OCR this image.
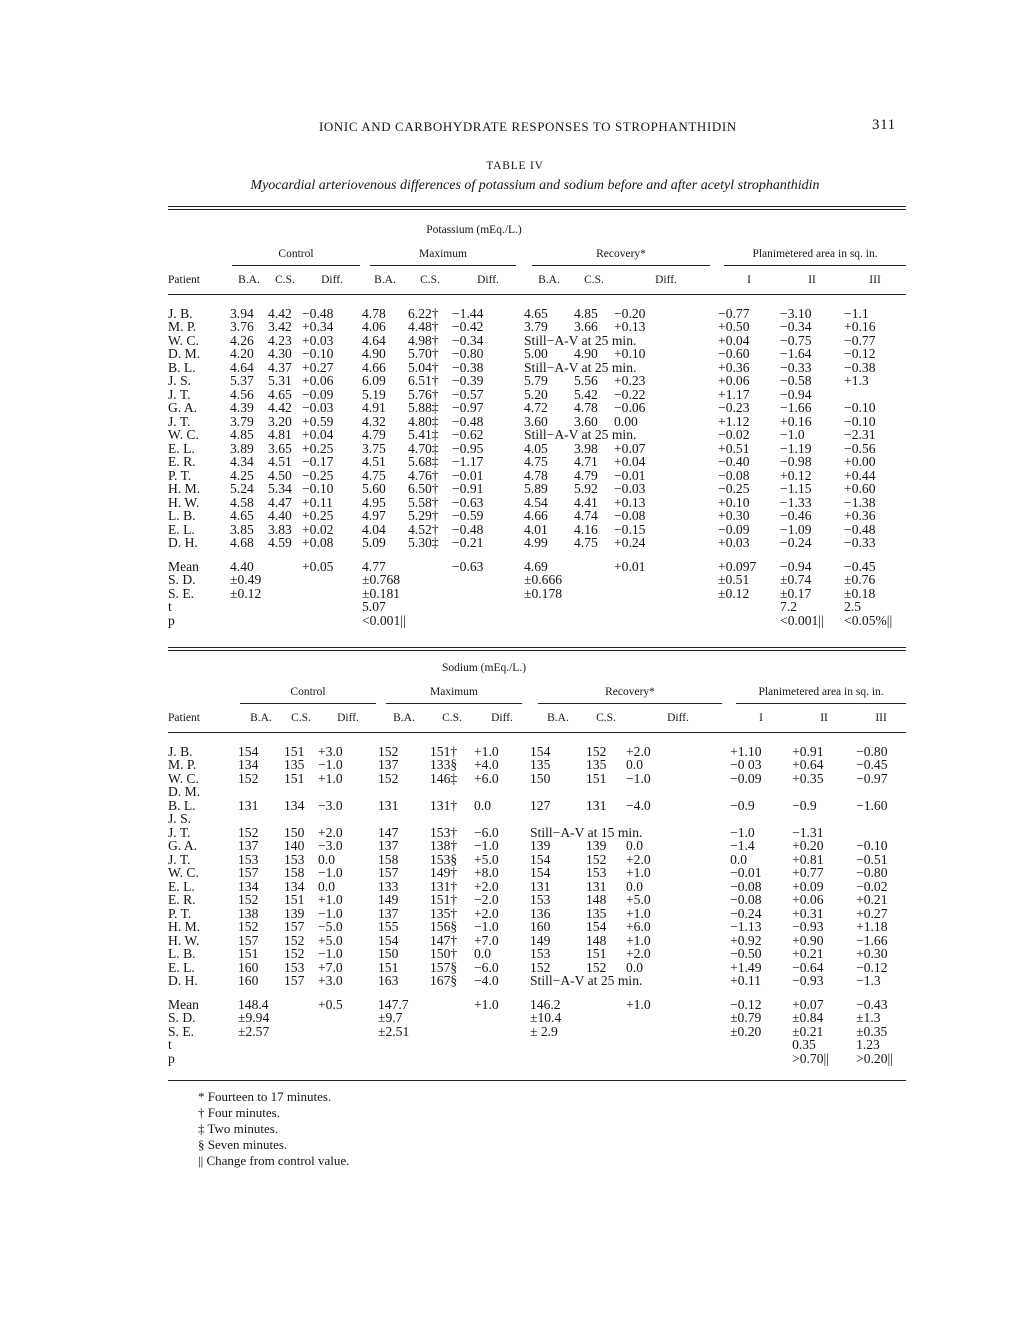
IONIC AND CARBOHYDRATE RESPONSES TO STROPHANTHIDIN	311
TABLE IV
Myocardial arteriovenous differences of potassium and sodium before and after acetyl strophanthidin
	Potassium (mEq./L.)											

	Control			Maximum			Recovery*			Planimetered area in sq. in.		

Patient	B.A.	C.S.	Diff.	B.A.	C.S.	Diff.	B.A.	C.S.	Diff.	I	II	III

J. B.	3.94	4.42	−0.48	4.78	6.22†	−1.44	4.65	4.85	−0.20	−0.77	−3.10	−1.1
M. P.	3.76	3.42	+0.34	4.06	4.48†	−0.42	3.79	3.66	+0.13	+0.50	−0.34	+0.16
W. C.	4.26	4.23	+0.03	4.64	4.98†	−0.34	Still−A-V at 25 min.			+0.04	−0.75	−0.77
D. M.	4.20	4.30	−0.10	4.90	5.70†	−0.80	5.00	4.90	+0.10	−0.60	−1.64	−0.12
B. L.	4.64	4.37	+0.27	4.66	5.04†	−0.38	Still−A-V at 25 min.			+0.36	−0.33	−0.38
J. S.	5.37	5.31	+0.06	6.09	6.51†	−0.39	5.79	5.56	+0.23	+0.06	−0.58	+1.3
J. T.	4.56	4.65	−0.09	5.19	5.76†	−0.57	5.20	5.42	−0.22	+1.17	−0.94	
G. A.	4.39	4.42	−0.03	4.91	5.88‡	−0.97	4.72	4.78	−0.06	−0.23	−1.66	−0.10
J. T.	3.79	3.20	+0.59	4.32	4.80‡	−0.48	3.60	3.60	0.00	+1.12	+0.16	−0.10
W. C.	4.85	4.81	+0.04	4.79	5.41‡	−0.62	Still−A-V at 25 min.			−0.02	−1.0	−2.31
E. L.	3.89	3.65	+0.25	3.75	4.70‡	−0.95	4.05	3.98	+0.07	+0.51	−1.19	−0.56
E. R.	4.34	4.51	−0.17	4.51	5.68‡	−1.17	4.75	4.71	+0.04	−0.40	−0.98	+0.00
P. T.	4.25	4.50	−0.25	4.75	4.76†	−0.01	4.78	4.79	−0.01	−0.08	+0.12	+0.44
H. M.	5.24	5.34	−0.10	5.60	6.50†	−0.91	5.89	5.92	−0.03	−0.25	−1.15	+0.60
H. W.	4.58	4.47	+0.11	4.95	5.58†	−0.63	4.54	4.41	+0.13	+0.10	−1.33	−1.38
L. B.	4.65	4.40	+0.25	4.97	5.29†	−0.59	4.66	4.74	−0.08	+0.30	−0.46	+0.36
E. L.	3.85	3.83	+0.02	4.04	4.52†	−0.48	4.01	4.16	−0.15	−0.09	−1.09	−0.48
D. H.	4.68	4.59	+0.08	5.09	5.30‡	−0.21	4.99	4.75	+0.24	+0.03	−0.24	−0.33

Mean	4.40		+0.05	4.77		−0.63	4.69		+0.01	+0.097	−0.94	−0.45
S. D.	±0.49			±0.768			±0.666			±0.51	±0.74	±0.76
S. E.	±0.12			±0.181			±0.178			±0.12	±0.17	±0.18
t				5.07							7.2	2.5
p				<0.001||							<0.001||	<0.05%||
	Sodium (mEq./L.)											

	Control			Maximum			Recovery*			Planimetered area in sq. in.		

Patient	B.A.	C.S.	Diff.	B.A.	C.S.	Diff.	B.A.	C.S.	Diff.	I	II	III

J. B.	154	151	+3.0	152	151†	+1.0	154	152	+2.0	+1.10	+0.91	−0.80
M. P.	134	135	−1.0	137	133§	+4.0	135	135	0.0	−0 03	+0.64	−0.45
W. C.	152	151	+1.0	152	146‡	+6.0	150	151	−1.0	−0.09	+0.35	−0.97
D. M.												
B. L.	131	134	−3.0	131	131†	0.0	127	131	−4.0	−0.9	−0.9	−1.60
J. S.												
J. T.	152	150	+2.0	147	153†	−6.0	Still−A-V at 15 min.			−1.0	−1.31	
G. A.	137	140	−3.0	137	138†	−1.0	139	139	0.0	−1.4	+0.20	−0.10
J. T.	153	153	0.0	158	153§	+5.0	154	152	+2.0	0.0	+0.81	−0.51
W. C.	157	158	−1.0	157	149†	+8.0	154	153	+1.0	−0.01	+0.77	−0.80
E. L.	134	134	0.0	133	131†	+2.0	131	131	0.0	−0.08	+0.09	−0.02
E. R.	152	151	+1.0	149	151†	−2.0	153	148	+5.0	−0.08	+0.06	+0.21
P. T.	138	139	−1.0	137	135†	+2.0	136	135	+1.0	−0.24	+0.31	+0.27
H. M.	152	157	−5.0	155	156§	−1.0	160	154	+6.0	−1.13	−0.93	+1.18
H. W.	157	152	+5.0	154	147†	+7.0	149	148	+1.0	+0.92	+0.90	−1.66
L. B.	151	152	−1.0	150	150†	0.0	153	151	+2.0	−0.50	+0.21	+0.30
E. L.	160	153	+7.0	151	157§	−6.0	152	152	0.0	+1.49	−0.64	−0.12
D. H.	160	157	+3.0	163	167§	−4.0	Still−A-V at 25 min.			+0.11	−0.93	−1.3

Mean	148.4		+0.5	147.7		+1.0	146.2		+1.0	−0.12	+0.07	−0.43
S. D.	±9.94			±9.7			±10.4			±0.79	±0.84	±1.3
S. E.	±2.57			±2.51			± 2.9			±0.20	±0.21	±0.35
t											0.35	1.23
p											>0.70||	>0.20||
* Fourteen to 17 minutes.
† Four minutes.
‡ Two minutes.
§ Seven minutes.
|| Change from control value.
